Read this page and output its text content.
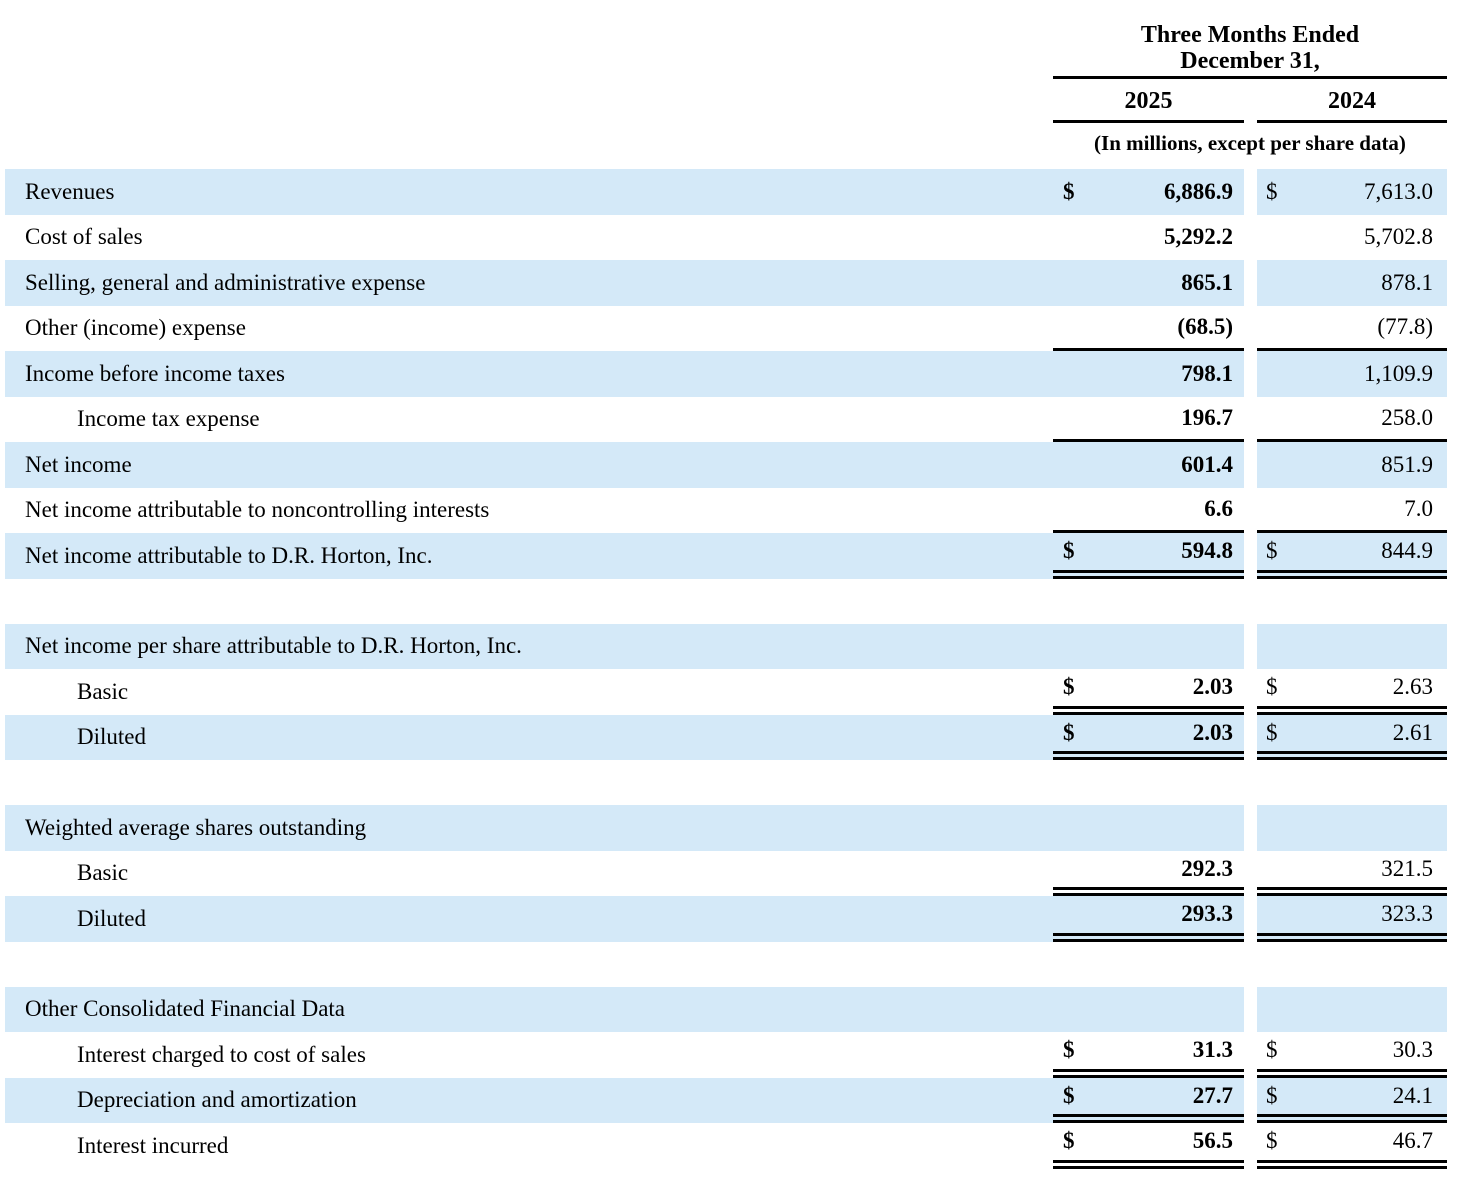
Three Months Ended
December 31,
2025	2024
(In millions, except per share data)
Revenues	$	6,886.9 $	7,613.0
Cost of sales	5,292.2	5,702.8
Selling, general and administrative expense	865.1	878.1
Other (income) expense	(68.5)	(77.8)
Income before income taxes	798.1	1,109.9
Income tax expense	196.7	258.0
Net income	601.4	851.9
Net income attributable to noncontrolling interests	6.6	7.0
Net income attributable to D.R. Horton, Inc.	$	594.8 $	844.9
Net income per share attributable to D.R. Horton, Inc.
Basic	$	2.03 $	2.63
Diluted	$	2.03 $	2.61
Weighted average shares outstanding
Basic	292.3	321.5
Diluted	293.3	323.3
Other Consolidated Financial Data
Interest charged to cost of sales	$	31.3 $	30.3
Depreciation and amortization	$	27.7 $	24.1
Interest incurred	$	56.5 $	46.7
